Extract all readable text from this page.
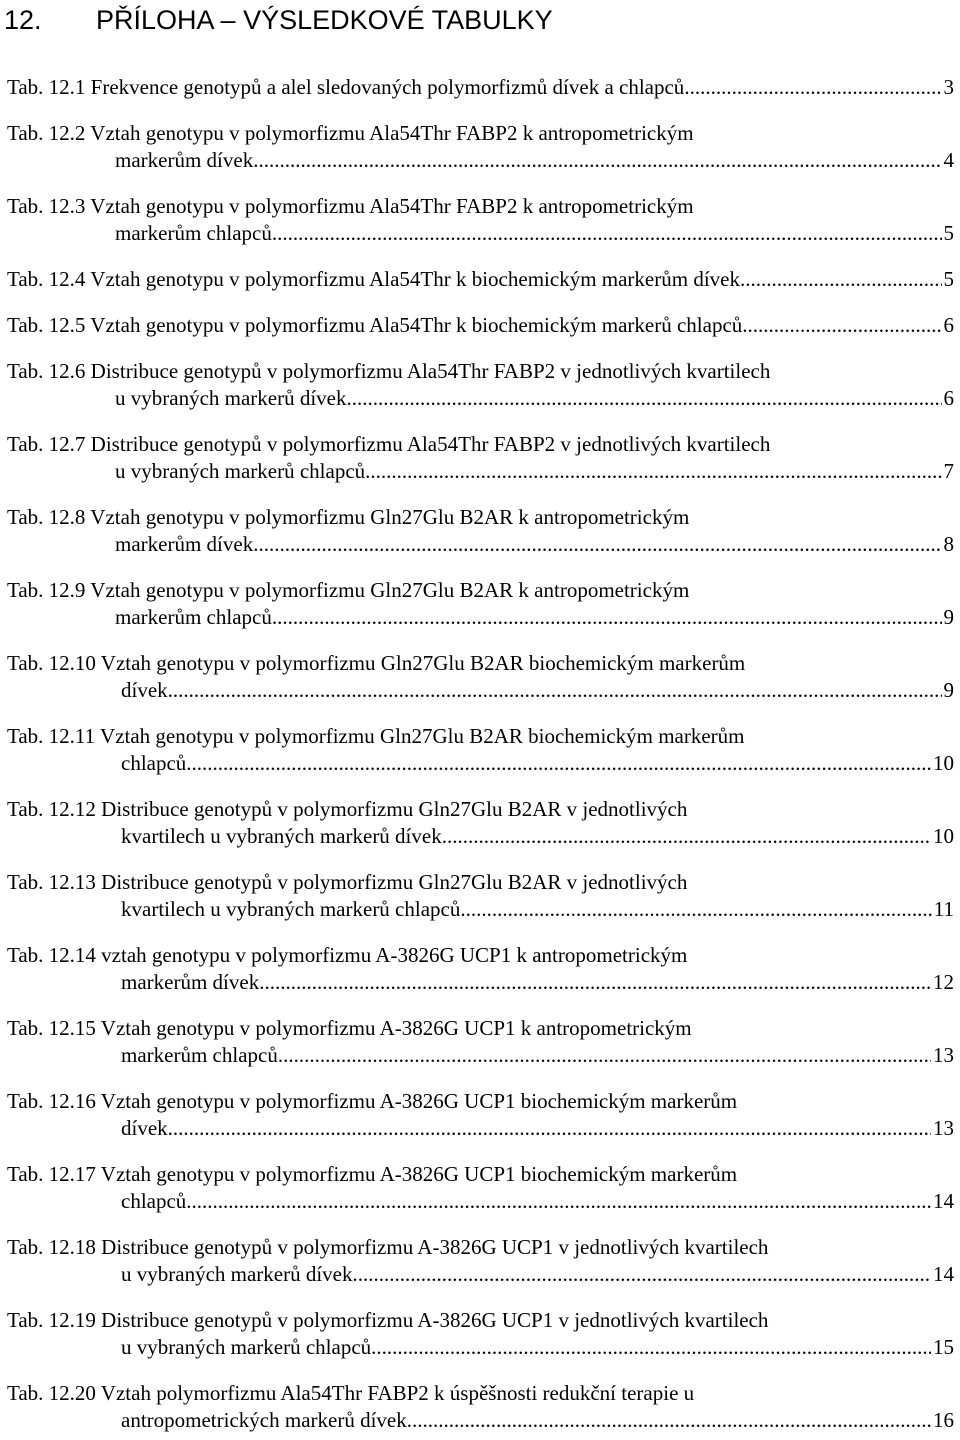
12. PŘÍLOHA – VÝSLEDKOVÉ TABULKY
Tab. 12.1 Frekvence genotypů a alel sledovaných polymorfizmů dívek a chlapců .....	3
Tab. 12.2 Vztah genotypu v polymorfizmu Ala54Thr FABP2 k antropometrickým
markerům dívek .....	4
Tab. 12.3 Vztah genotypu v polymorfizmu Ala54Thr FABP2 k antropometrickým
markerům chlapců .....	5
Tab. 12.4 Vztah genotypu v polymorfizmu Ala54Thr k biochemickým markerům dívek .....	5
Tab. 12.5 Vztah genotypu v polymorfizmu Ala54Thr k biochemickým markerů chlapců .....	6
Tab. 12.6 Distribuce genotypů v polymorfizmu Ala54Thr FABP2 v jednotlivých kvartilech
u vybraných markerů dívek .....	6
Tab. 12.7 Distribuce genotypů v polymorfizmu Ala54Thr FABP2 v jednotlivých kvartilech
u vybraných markerů chlapců .....	7
Tab. 12.8 Vztah genotypu v polymorfizmu Gln27Glu B2AR k antropometrickým
markerům dívek .....	8
Tab. 12.9 Vztah genotypu v polymorfizmu Gln27Glu B2AR k antropometrickým
markerům chlapců .....	9
Tab. 12.10 Vztah genotypu v polymorfizmu Gln27Glu B2AR biochemickým markerům
dívek .....	9
Tab. 12.11 Vztah genotypu v polymorfizmu Gln27Glu B2AR biochemickým markerům
chlapců .....	10
Tab. 12.12 Distribuce genotypů v polymorfizmu Gln27Glu B2AR v jednotlivých
kvartilech u vybraných markerů dívek .....	10
Tab. 12.13 Distribuce genotypů v polymorfizmu Gln27Glu B2AR v jednotlivých
kvartilech u vybraných markerů chlapců .....	11
Tab. 12.14 vztah genotypu v polymorfizmu A-3826G UCP1 k antropometrickým
markerům dívek .....	12
Tab. 12.15 Vztah genotypu v polymorfizmu A-3826G UCP1 k antropometrickým
markerům chlapců .....	13
Tab. 12.16 Vztah genotypu v polymorfizmu A-3826G UCP1 biochemickým markerům
dívek .....	13
Tab. 12.17 Vztah genotypu v polymorfizmu A-3826G UCP1 biochemickým markerům
chlapců .....	14
Tab. 12.18 Distribuce genotypů v polymorfizmu A-3826G UCP1 v jednotlivých kvartilech
u vybraných markerů dívek .....	14
Tab. 12.19 Distribuce genotypů v polymorfizmu A-3826G UCP1 v jednotlivých kvartilech
u vybraných markerů chlapců .....	15
Tab. 12.20 Vztah polymorfizmu Ala54Thr FABP2 k úspěšnosti redukční terapie u
antropometrických markerů dívek .....	16
